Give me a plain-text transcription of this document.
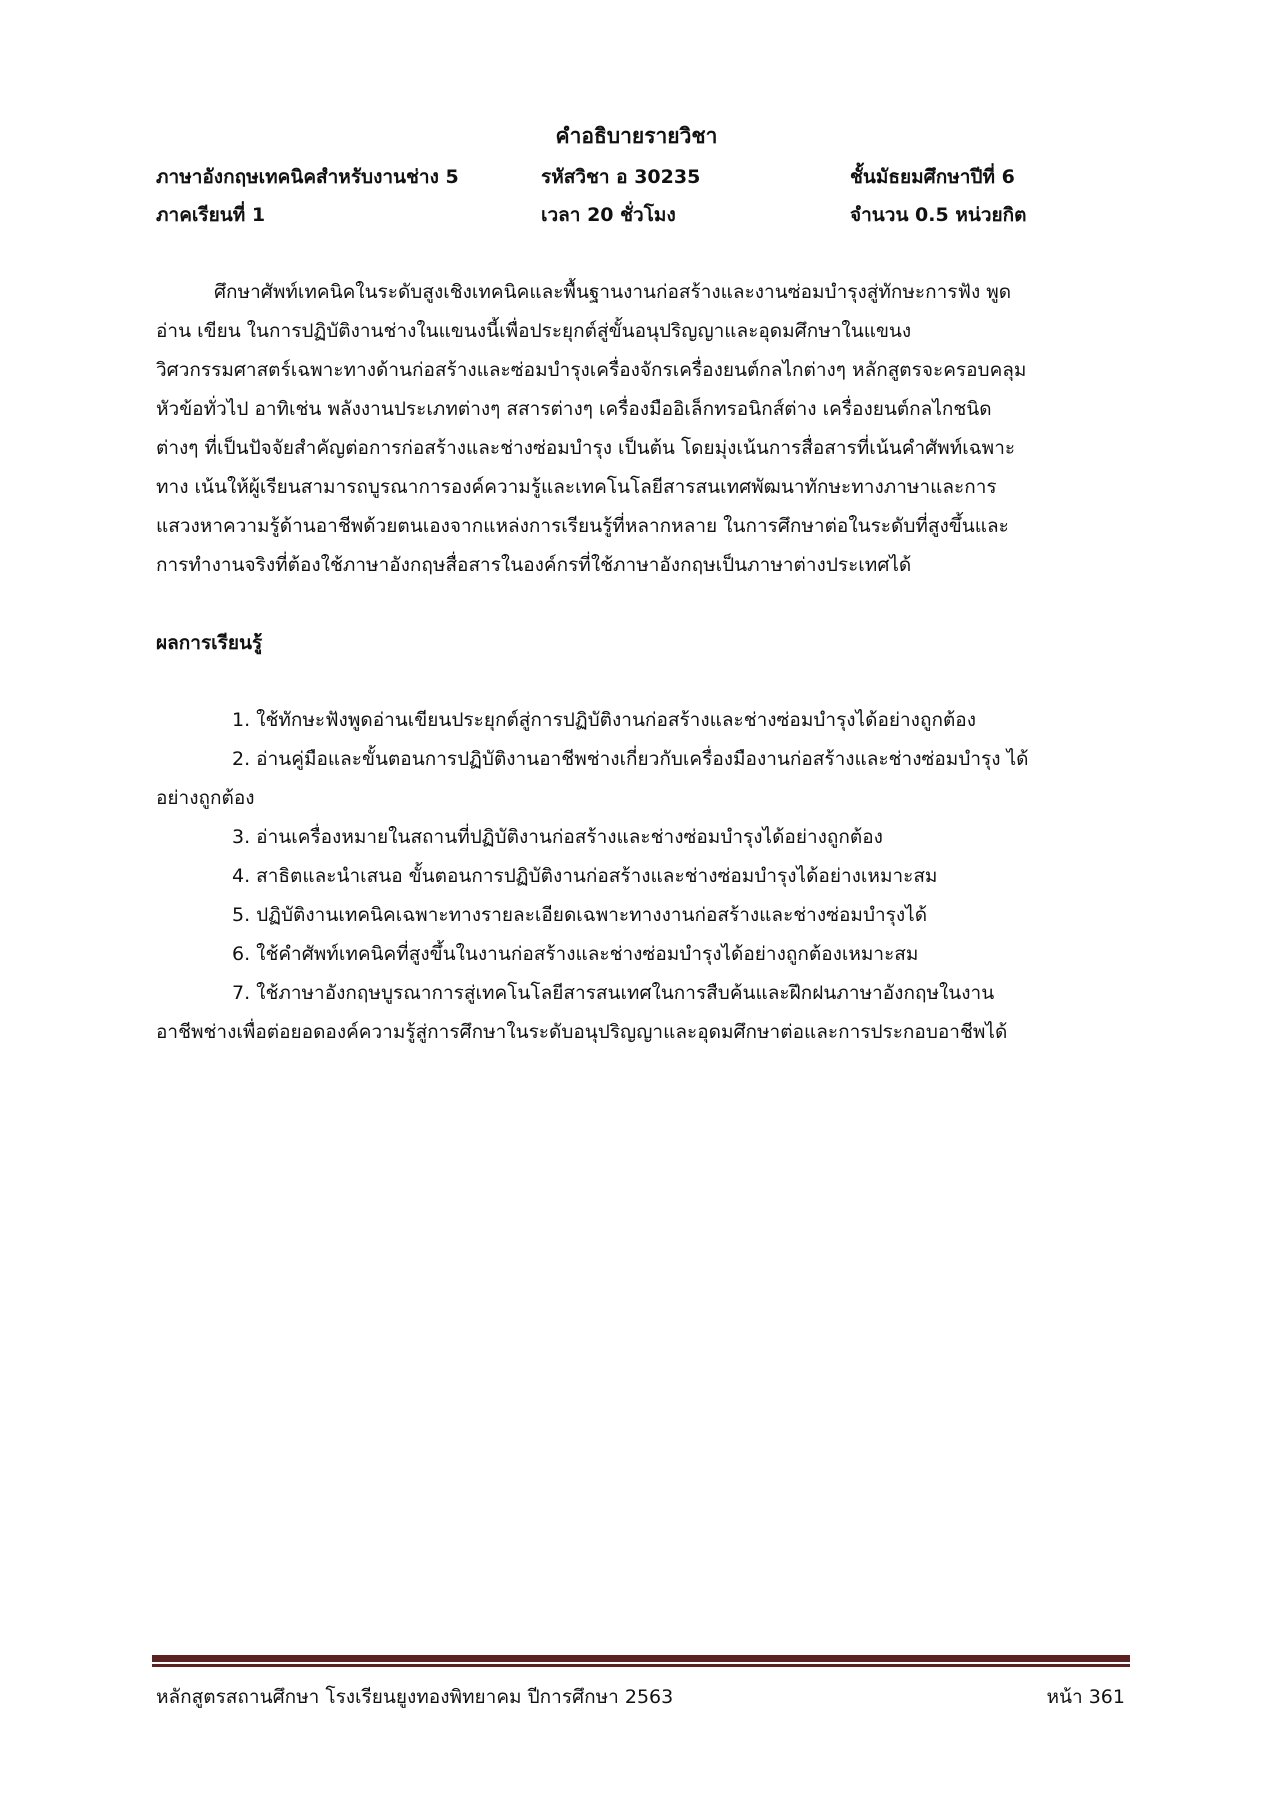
คำอธิบายรายวิชา
ภาษาอังกฤษเทคนิคสำหรับงานช่าง 5	รหัสวิชา อ 30235	ชั้นมัธยมศึกษาปีที่ 6
ภาคเรียนที่ 1	เวลา 20 ชั่วโมง	จำนวน 0.5 หน่วยกิต
ศึกษาศัพท์เทคนิคในระดับสูงเชิงเทคนิคและพื้นฐานงานก่อสร้างและงานซ่อมบำรุงสู่ทักษะการฟัง พูด
อ่าน เขียน ในการปฏิบัติงานช่างในแขนงนี้เพื่อประยุกต์สู่ขั้นอนุปริญญาและอุดมศึกษาในแขนง
วิศวกรรมศาสตร์เฉพาะทางด้านก่อสร้างและซ่อมบำรุงเครื่องจักรเครื่องยนต์กลไกต่างๆ หลักสูตรจะครอบคลุม
หัวข้อทั่วไป อาทิเช่น พลังงานประเภทต่างๆ สสารต่างๆ เครื่องมืออิเล็กทรอนิกส์ต่าง เครื่องยนต์กลไกชนิด
ต่างๆ ที่เป็นปัจจัยสำคัญต่อการก่อสร้างและช่างซ่อมบำรุง เป็นต้น โดยมุ่งเน้นการสื่อสารที่เน้นคำศัพท์เฉพาะ
ทาง เน้นให้ผู้เรียนสามารถบูรณาการองค์ความรู้และเทคโนโลยีสารสนเทศพัฒนาทักษะทางภาษาและการ
แสวงหาความรู้ด้านอาชีพด้วยตนเองจากแหล่งการเรียนรู้ที่หลากหลาย ในการศึกษาต่อในระดับที่สูงขึ้นและ
การทำงานจริงที่ต้องใช้ภาษาอังกฤษสื่อสารในองค์กรที่ใช้ภาษาอังกฤษเป็นภาษาต่างประเทศได้
ผลการเรียนรู้
1. ใช้ทักษะฟังพูดอ่านเขียนประยุกต์สู่การปฏิบัติงานก่อสร้างและช่างซ่อมบำรุงได้อย่างถูกต้อง
2. อ่านคู่มือและขั้นตอนการปฏิบัติงานอาชีพช่างเกี่ยวกับเครื่องมืองานก่อสร้างและช่างซ่อมบำรุง ได้
อย่างถูกต้อง
3. อ่านเครื่องหมายในสถานที่ปฏิบัติงานก่อสร้างและช่างซ่อมบำรุงได้อย่างถูกต้อง
4. สาธิตและนำเสนอ ขั้นตอนการปฏิบัติงานก่อสร้างและช่างซ่อมบำรุงได้อย่างเหมาะสม
5. ปฏิบัติงานเทคนิคเฉพาะทางรายละเอียดเฉพาะทางงานก่อสร้างและช่างซ่อมบำรุงได้
6. ใช้คำศัพท์เทคนิคที่สูงขึ้นในงานก่อสร้างและช่างซ่อมบำรุงได้อย่างถูกต้องเหมาะสม
7. ใช้ภาษาอังกฤษบูรณาการสู่เทคโนโลยีสารสนเทศในการสืบค้นและฝึกฝนภาษาอังกฤษในงาน
อาชีพช่างเพื่อต่อยอดองค์ความรู้สู่การศึกษาในระดับอนุปริญญาและอุดมศึกษาต่อและการประกอบอาชีพได้
หลักสูตรสถานศึกษา โรงเรียนยูงทองพิทยาคม ปีการศึกษา 2563	หน้า 361
